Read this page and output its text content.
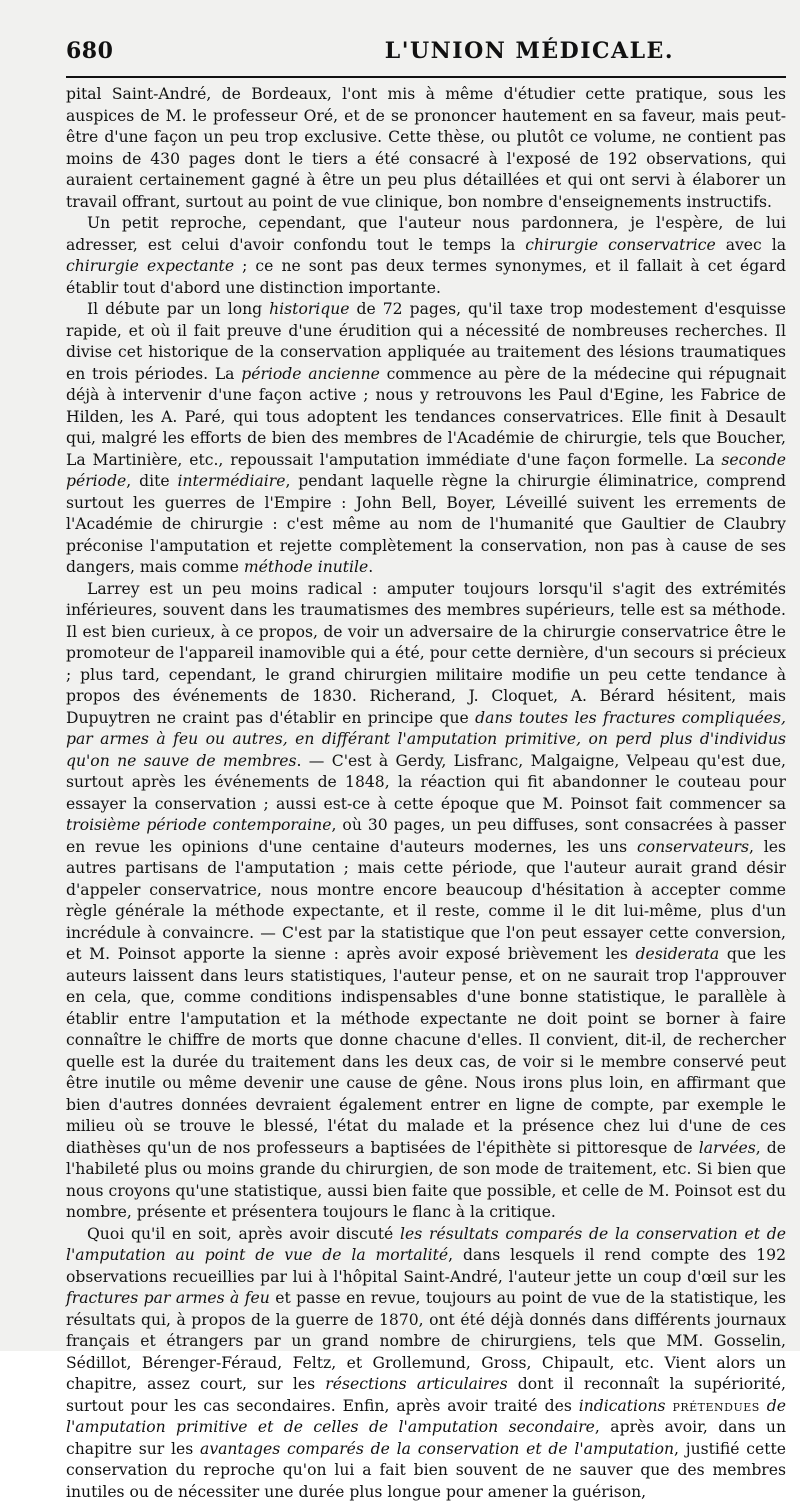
680	L'UNION MÉDICALE.

pital Saint-André, de Bordeaux, l'ont mis à même d'étudier cette pratique, sous les auspices de M. le professeur Oré, et de se prononcer hautement en sa faveur, mais peut-être d'une façon un peu trop exclusive. Cette thèse, ou plutôt ce volume, ne contient pas moins de 430 pages dont le tiers a été consacré à l'exposé de 192 observations, qui auraient certainement gagné à être un peu plus détaillées et qui ont servi à élaborer un travail offrant, surtout au point de vue clinique, bon nombre d'enseignements instructifs.

Un petit reproche, cependant, que l'auteur nous pardonnera, je l'espère, de lui adresser, est celui d'avoir confondu tout le temps la chirurgie conservatrice avec la chirurgie expectante ; ce ne sont pas deux termes synonymes, et il fallait à cet égard établir tout d'abord une distinction importante.

Il débute par un long historique de 72 pages, qu'il taxe trop modestement d'esquisse rapide, et où il fait preuve d'une érudition qui a nécessité de nombreuses recherches. Il divise cet historique de la conservation appliquée au traitement des lésions traumatiques en trois périodes. La période ancienne commence au père de la médecine qui répugnait déjà à intervenir d'une façon active ; nous y retrouvons les Paul d'Egine, les Fabrice de Hilden, les A. Paré, qui tous adoptent les tendances conservatrices. Elle finit à Desault qui, malgré les efforts de bien des membres de l'Académie de chirurgie, tels que Boucher, La Martinière, etc., repoussait l'amputation immédiate d'une façon formelle. La seconde période, dite intermédiaire, pendant laquelle règne la chirurgie éliminatrice, comprend surtout les guerres de l'Empire : John Bell, Boyer, Léveillé suivent les errements de l'Académie de chirurgie : c'est même au nom de l'humanité que Gaultier de Claubry préconise l'amputation et rejette complètement la conservation, non pas à cause de ses dangers, mais comme méthode inutile.

Larrey est un peu moins radical : amputer toujours lorsqu'il s'agit des extrémités inférieures, souvent dans les traumatismes des membres supérieurs, telle est sa méthode. Il est bien curieux, à ce propos, de voir un adversaire de la chirurgie conservatrice être le promoteur de l'appareil inamovible qui a été, pour cette dernière, d'un secours si précieux ; plus tard, cependant, le grand chirurgien militaire modifie un peu cette tendance à propos des événements de 1830. Richerand, J. Cloquet, A. Bérard hésitent, mais Dupuytren ne craint pas d'établir en principe que dans toutes les fractures compliquées, par armes à feu ou autres, en différant l'amputation primitive, on perd plus d'individus qu'on ne sauve de membres. — C'est à Gerdy, Lisfranc, Malgaigne, Velpeau qu'est due, surtout après les événements de 1848, la réaction qui fit abandonner le couteau pour essayer la conservation ; aussi est-ce à cette époque que M. Poinsot fait commencer sa troisième période contemporaine, où 30 pages, un peu diffuses, sont consacrées à passer en revue les opinions d'une centaine d'auteurs modernes, les uns conservateurs, les autres partisans de l'amputation ; mais cette période, que l'auteur aurait grand désir d'appeler conservatrice, nous montre encore beaucoup d'hésitation à accepter comme règle générale la méthode expectante, et il reste, comme il le dit lui-même, plus d'un incrédule à convaincre. — C'est par la statistique que l'on peut essayer cette conversion, et M. Poinsot apporte la sienne : après avoir exposé brièvement les desiderata que les auteurs laissent dans leurs statistiques, l'auteur pense, et on ne saurait trop l'approuver en cela, que, comme conditions indispensables d'une bonne statistique, le parallèle à établir entre l'amputation et la méthode expectante ne doit point se borner à faire connaître le chiffre de morts que donne chacune d'elles. Il convient, dit-il, de rechercher quelle est la durée du traitement dans les deux cas, de voir si le membre conservé peut être inutile ou même devenir une cause de gêne. Nous irons plus loin, en affirmant que bien d'autres données devraient également entrer en ligne de compte, par exemple le milieu où se trouve le blessé, l'état du malade et la présence chez lui d'une de ces diathèses qu'un de nos professeurs a baptisées de l'épithète si pittoresque de larvées, de l'habileté plus ou moins grande du chirurgien, de son mode de traitement, etc. Si bien que nous croyons qu'une statistique, aussi bien faite que possible, et celle de M. Poinsot est du nombre, présente et présentera toujours le flanc à la critique.

Quoi qu'il en soit, après avoir discuté les résultats comparés de la conservation et de l'amputation au point de vue de la mortalité, dans lesquels il rend compte des 192 observations recueillies par lui à l'hôpital Saint-André, l'auteur jette un coup d'œil sur les fractures par armes à feu et passe en revue, toujours au point de vue de la statistique, les résultats qui, à propos de la guerre de 1870, ont été déjà donnés dans différents journaux français et étrangers par un grand nombre de chirurgiens, tels que MM. Gosselin, Sédillot, Bérenger-Féraud, Feltz, et Grollemund, Gross, Chipault, etc. Vient alors un chapitre, assez court, sur les résections articulaires dont il reconnaît la supériorité, surtout pour les cas secondaires. Enfin, après avoir traité des indications prétendues de l'amputation primitive et de celles de l'amputation secondaire, après avoir, dans un chapitre sur les avantages comparés de la conservation et de l'amputation, justifié cette conservation du reproche qu'on lui a fait bien souvent de ne sauver que des membres inutiles ou de nécessiter une durée plus longue pour amener la guérison,
